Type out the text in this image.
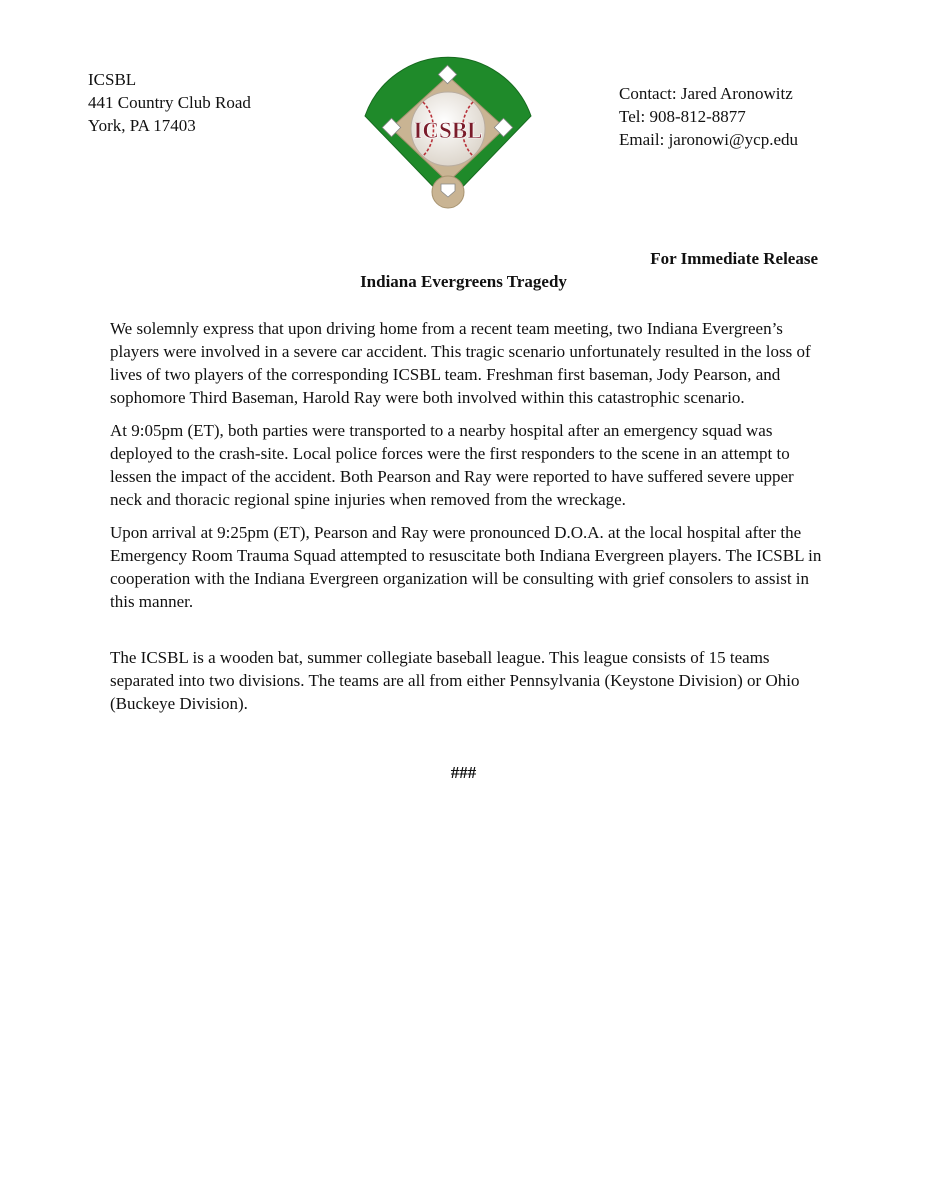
ICSBL
441 Country Club Road
York, PA 17403	ICSBL
Contact: Jared Aronowitz
Tel: 908-812-8877
Email: jaronowi@ycp.edu
For Immediate Release
Indiana Evergreens Tragedy

We solemnly express that upon driving home from a recent team meeting, two Indiana Evergreen’s players were involved in a severe car accident. This tragic scenario unfortunately resulted in the loss of lives of two players of the corresponding ICSBL team. Freshman first baseman, Jody Pearson, and sophomore Third Baseman, Harold Ray were both involved within this catastrophic scenario.

At 9:05pm (ET), both parties were transported to a nearby hospital after an emergency squad was deployed to the crash-site. Local police forces were the first responders to the scene in an attempt to lessen the impact of the accident. Both Pearson and Ray were reported to have suffered severe upper neck and thoracic regional spine injuries when removed from the wreckage.

Upon arrival at 9:25pm (ET), Pearson and Ray were pronounced D.O.A. at the local hospital after the Emergency Room Trauma Squad attempted to resuscitate both Indiana Evergreen players. The ICSBL in cooperation with the Indiana Evergreen organization will be consulting with grief consolers to assist in this manner.

The ICSBL is a wooden bat, summer collegiate baseball league. This league consists of 15 teams separated into two divisions. The teams are all from either Pennsylvania (Keystone Division) or Ohio (Buckeye Division).

###
